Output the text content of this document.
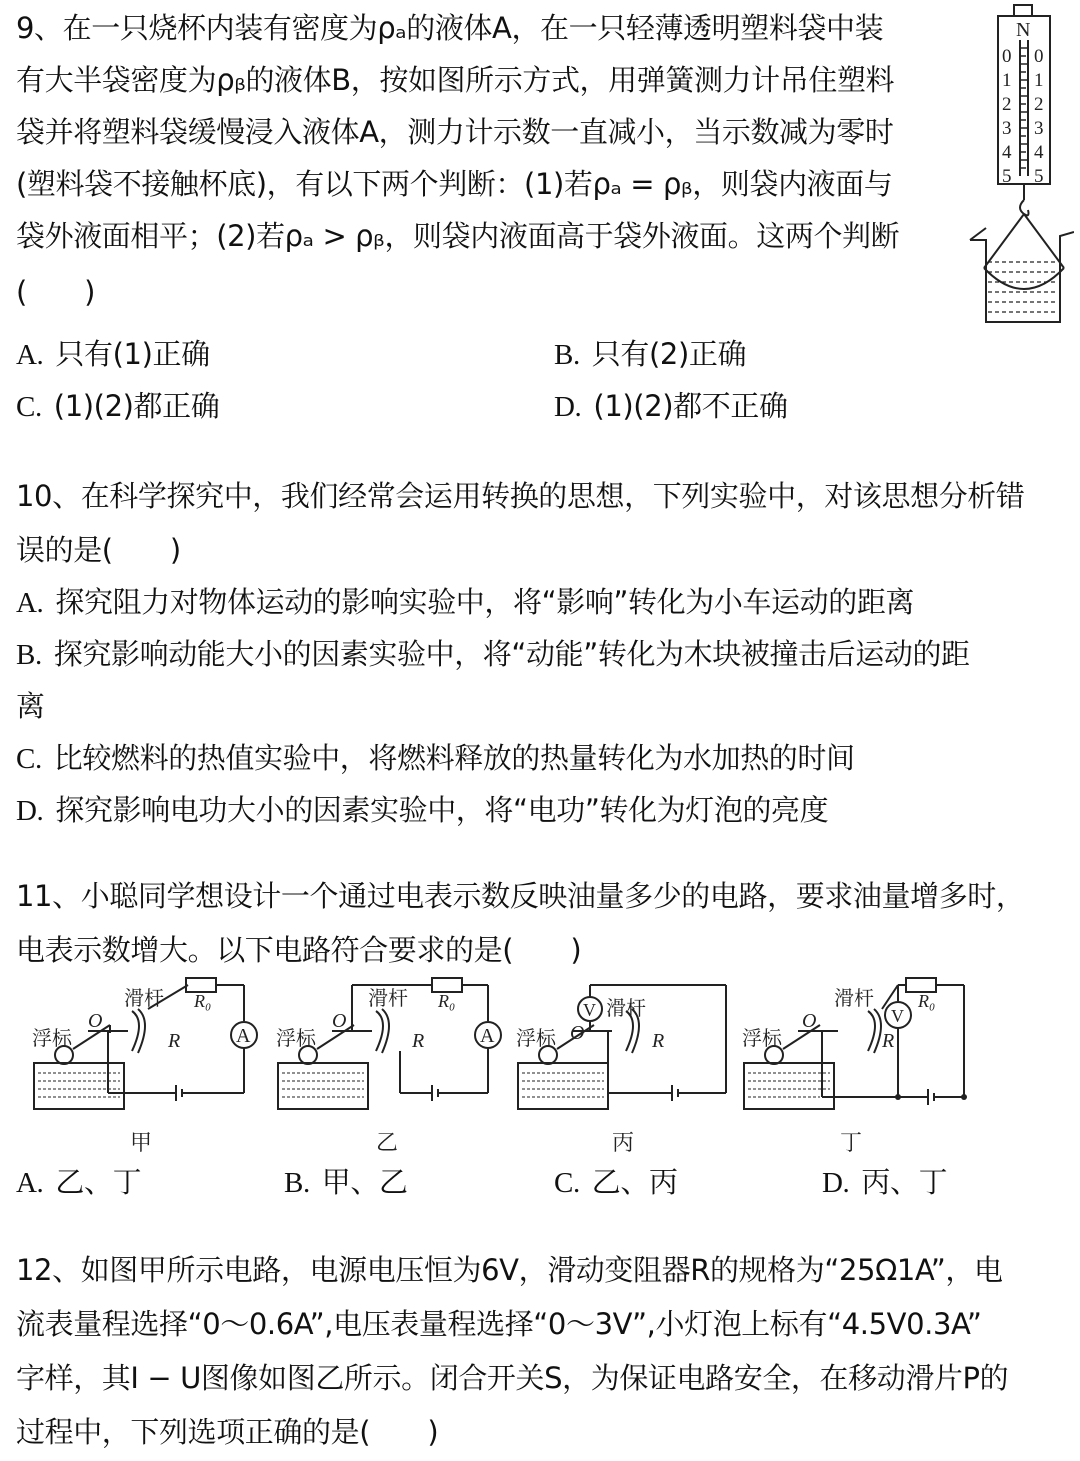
9、在一只烧杯内装有密度为ρₐ的液体A，在一只轻薄透明塑料袋中装
有大半袋密度为ρᵦ的液体B，按如图所示方式，用弹簧测力计吊住塑料
袋并将塑料袋缓慢浸入液体A，测力计示数一直减小，当示数减为零时
(塑料袋不接触杯底)，有以下两个判断：(1)若ρₐ = ρᵦ，则袋内液面与
袋外液面相平；(2)若ρₐ > ρᵦ，则袋内液面高于袋外液面。这两个判断
(　　)
A. 只有(1)正确	B. 只有(2)正确
C. (1)(2)都正确	D. (1)(2)都不正确
N
0
1
2
3
4
5
0
1
2
3
4
5
10、在科学探究中，我们经常会运用转换的思想，下列实验中，对该思想分析错
误的是(　　)
A. 探究阻力对物体运动的影响实验中，将“影响”转化为小车运动的距离
B. 探究影响动能大小的因素实验中，将“动能”转化为木块被撞击后运动的距
离
C. 比较燃料的热值实验中，将燃料释放的热量转化为水加热的时间
D. 探究影响电功大小的因素实验中，将“电功”转化为灯泡的亮度
11、小聪同学想设计一个通过电表示数反映油量多少的电路，要求油量增多时，
电表示数增大。以下电路符合要求的是(　　)
A
R₀
R
O
滑杆
浮标
甲
A
R₀
R
O
滑杆
浮标
乙
V
R
O
滑杆
浮标
丙
V
R₀
R
O
滑杆
浮标
丁
A. 乙、丁	B. 甲、乙	C. 乙、丙	D. 丙、丁
12、如图甲所示电路，电源电压恒为6V，滑动变阻器R的规格为“25Ω1A”，电
流表量程选择“0～0.6A”,电压表量程选择“0～3V”,小灯泡上标有“4.5V0.3A”
字样，其I − U图像如图乙所示。闭合开关S，为保证电路安全，在移动滑片P的
过程中，下列选项正确的是(　　)
